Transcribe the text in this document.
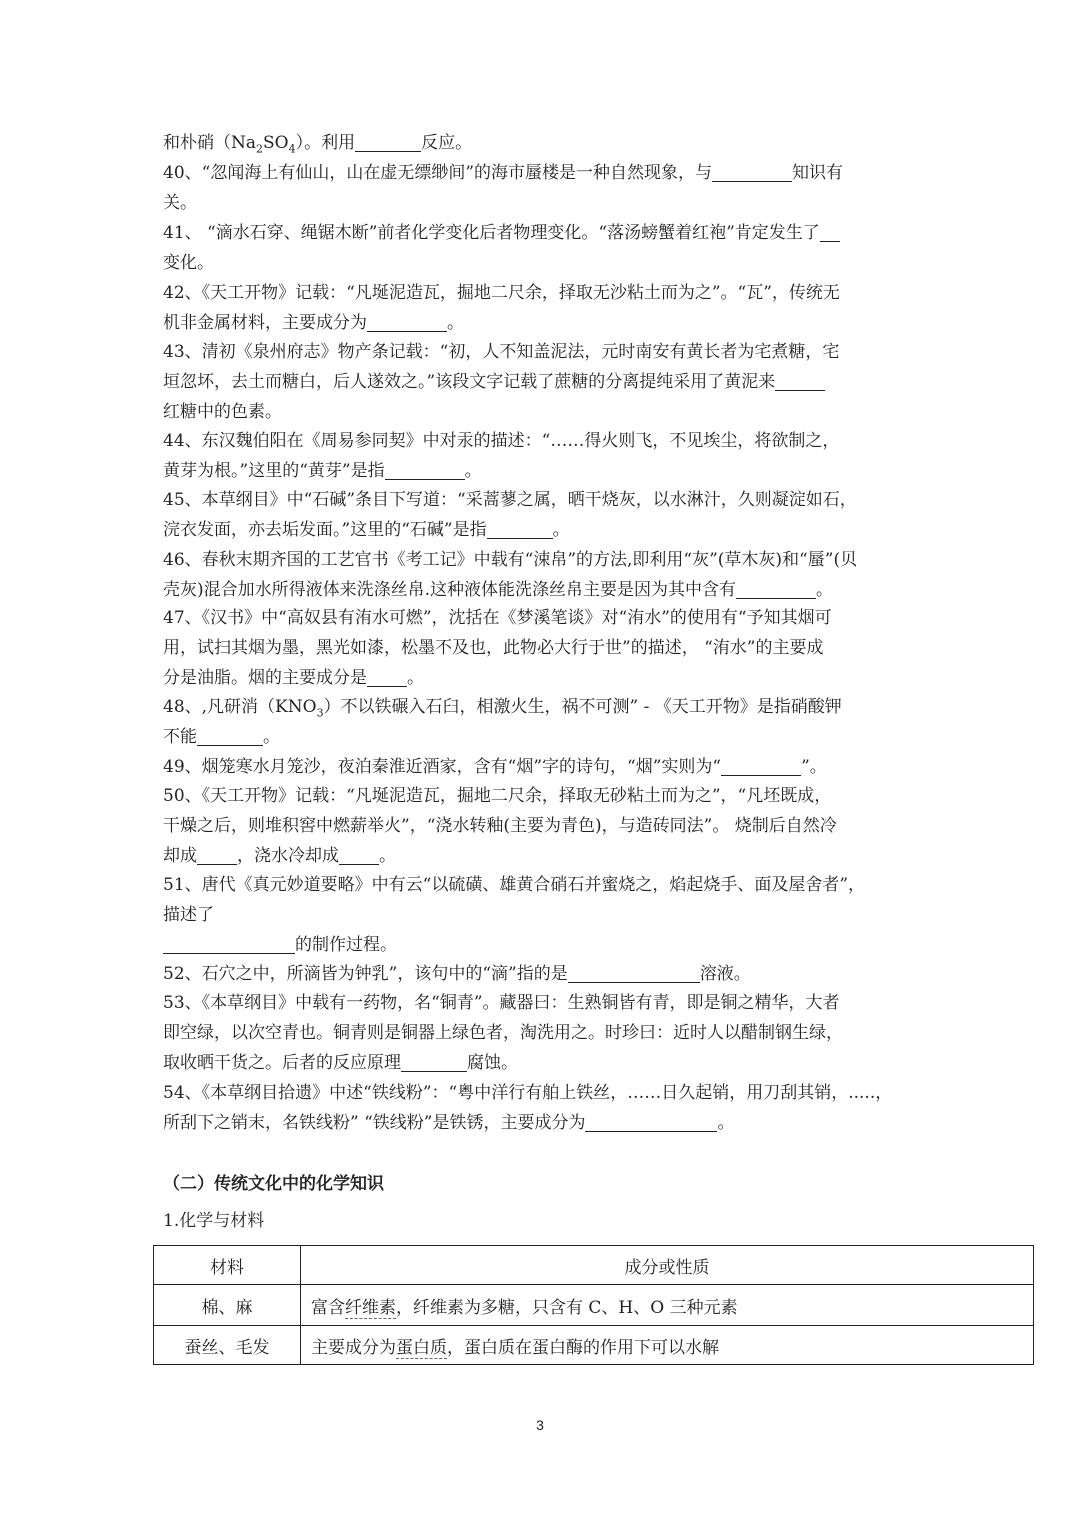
和朴硝$(Na_2SO_4)$。利用	反应。
40、“忽闻海上有仙山，山在虚无缥缈间”的海市蜃楼是一种自然现象，与	知识有
关。
41、 “滴水石穿、绳锯木断”前者化学变化后者物理变化。“落汤螃蟹着红袍”肯定发生了
变化。
42、《天工开物》记载：“凡埏泥造瓦，掘地二尺余，择取无沙粘土而为之”。“瓦”，传统无
机非金属材料，主要成分为	。
43、清初《泉州府志》物产条记载：“初，人不知盖泥法，元时南安有黄长者为宅煮糖，宅
垣忽坏，去土而糖白，后人遂效之。”该段文字记载了蔗糖的分离提纯采用了黄泥来
红糖中的色素。
44、东汉魏伯阳在《周易参同契》中对汞的描述：“……得火则飞，不见埃尘，将欲制之，
黄芽为根。”这里的“黄芽”是指	。
45、本草纲目》中“石碱”条目下写道：“采蒿蓼之属，晒干烧灰，以水淋汁，久则凝淀如石，
浣衣发面，亦去垢发面。”这里的“石碱”是指	。
46、春秋末期齐国的工艺官书《考工记》中载有“涑帛”的方法,即利用“灰”(草木灰)和“蜃”(贝
壳灰)混合加水所得液体来洗涤丝帛.这种液体能洗涤丝帛主要是因为其中含有	。
47、《汉书》中“高奴县有洧水可燃”，沈括在《梦溪笔谈》对“洧水”的使用有“予知其烟可
用，试扫其烟为墨，黑光如漆，松墨不及也，此物必大行于世”的描述， “洧水”的主要成
分是油脂。烟的主要成分是 。
48、,凡研消$(KNO_3)$不以铁碾入石臼，相激火生，祸不可测” - 《天工开物》是指硝酸钾
不能	。
49、烟笼寒水月笼沙，夜泊秦淮近酒家，含有“烟”字的诗句，“烟”实则为“	”。
50、《天工开物》记载：“凡埏泥造瓦，掘地二尺余，择取无砂粘土而为之”，“凡坯既成，
干燥之后，则堆积窖中燃薪举火”，“浇水转釉(主要为青色)，与造砖同法”。 烧制后自然冷
却成 ，浇水冷却成 。
51、唐代《真元妙道要略》中有云“以硫磺、雄黄合硝石并蜜烧之，焰起烧手、面及屋舍者”，
描述了
的制作过程。
52、石穴之中，所滴皆为钟乳”，该句中的“滴”指的是	溶液。
53、《本草纲目》中载有一药物，名“铜青”。藏器曰：生熟铜皆有青，即是铜之精华，大者
即空绿，以次空青也。铜青则是铜器上绿色者，淘洗用之。时珍曰：近时人以醋制钢生绿，
取收晒干货之。后者的反应原理	腐蚀。
54、《本草纲目拾遗》中述“铁线粉”：“粤中洋行有舶上铁丝，……日久起销，用刀刮其销，.....，
所刮下之销末，名铁线粉” “铁线粉”是铁锈，主要成分为	。
（二）传统文化中的化学知识
1.化学与材料
材料	成分或性质
棉、麻	富含纤维素，纤维素为多糖，只含有 C、H、O 三种元素
蚕丝、毛发	主要成分为蛋白质，蛋白质在蛋白酶的作用下可以水解
3
